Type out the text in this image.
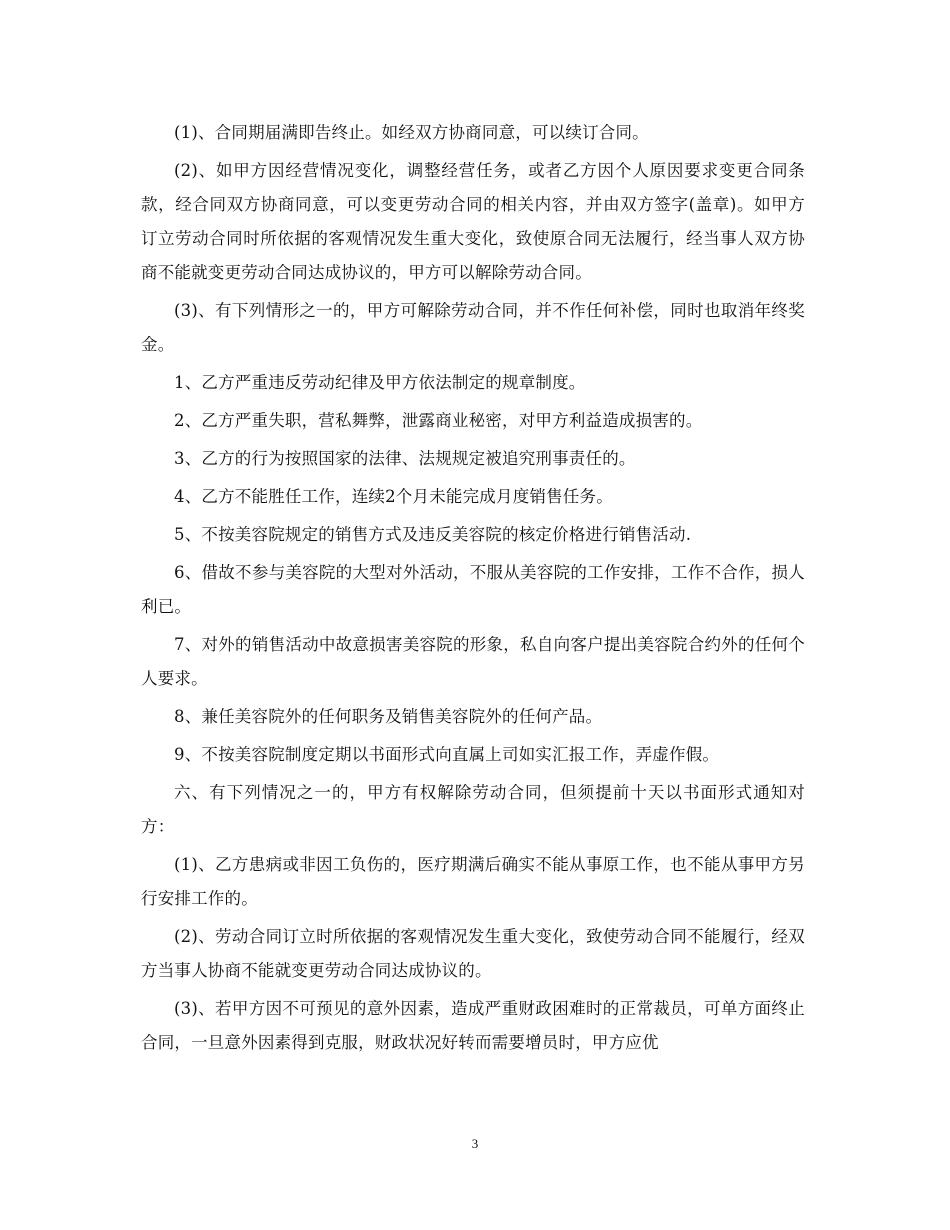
(1)、合同期届满即告终止。如经双方协商同意，可以续订合同。

(2)、如甲方因经营情况变化，调整经营任务，或者乙方因个人原因要求变更合同条款，经合同双方协商同意，可以变更劳动合同的相关内容，并由双方签字(盖章)。如甲方订立劳动合同时所依据的客观情况发生重大变化，致使原合同无法履行，经当事人双方协商不能就变更劳动合同达成协议的，甲方可以解除劳动合同。

(3)、有下列情形之一的，甲方可解除劳动合同，并不作任何补偿，同时也取消年终奖金。

1、乙方严重违反劳动纪律及甲方依法制定的规章制度。

2、乙方严重失职，营私舞弊，泄露商业秘密，对甲方利益造成损害的。

3、乙方的行为按照国家的法律、法规规定被追究刑事责任的。

4、乙方不能胜任工作，连续2个月未能完成月度销售任务。

5、不按美容院规定的销售方式及违反美容院的核定价格进行销售活动.

6、借故不参与美容院的大型对外活动，不服从美容院的工作安排，工作不合作，损人利已。

7、对外的销售活动中故意损害美容院的形象，私自向客户提出美容院合约外的任何个人要求。

8、兼任美容院外的任何职务及销售美容院外的任何产品。

9、不按美容院制度定期以书面形式向直属上司如实汇报工作，弄虚作假。

六、有下列情况之一的，甲方有权解除劳动合同，但须提前十天以书面形式通知对方：

(1)、乙方患病或非因工负伤的，医疗期满后确实不能从事原工作，也不能从事甲方另行安排工作的。

(2)、劳动合同订立时所依据的客观情况发生重大变化，致使劳动合同不能履行，经双方当事人协商不能就变更劳动合同达成协议的。

(3)、若甲方因不可预见的意外因素，造成严重财政困难时的正常裁员，可单方面终止合同，一旦意外因素得到克服，财政状况好转而需要增员时，甲方应优

3
